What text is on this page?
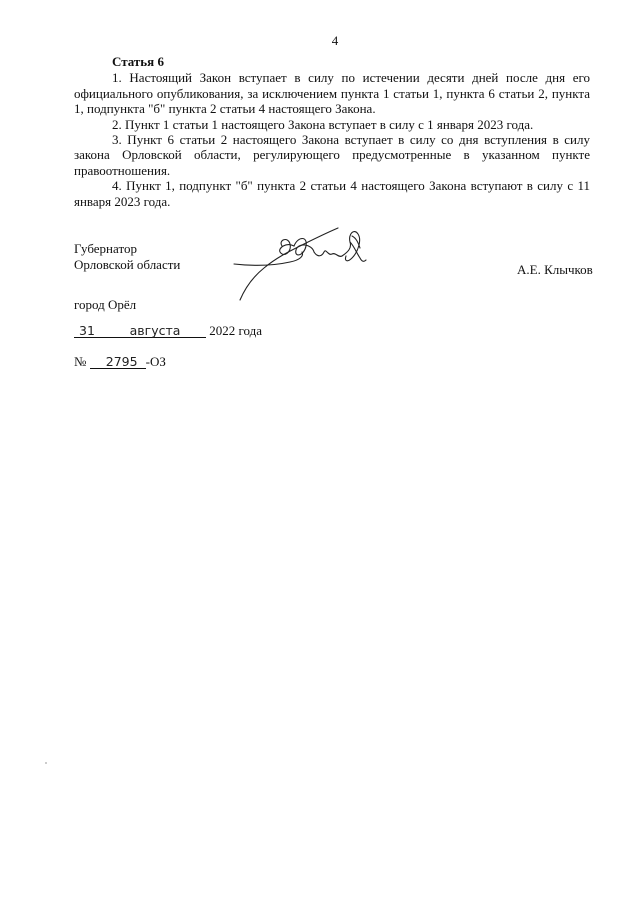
4
Статья 6

1. Настоящий Закон вступает в силу по истечении десяти дней после дня его официального опубликования, за исключением пункта 1 статьи 1, пункта 6 статьи 2, пункта 1, подпункта "б" пункта 2 статьи 4 настоящего Закона.

2. Пункт 1 статьи 1 настоящего Закона вступает в силу с 1 января 2023 года.

3. Пункт 6 статьи 2 настоящего Закона вступает в силу со дня вступления в силу закона Орловской области, регулирующего предусмотренные в указанном пункте правоотношения.

4. Пункт 1, подпункт "б" пункта 2 статьи 4 настоящего Закона вступают в силу с 11 января 2023 года.

Губернатор
Орловской области	А.Е. Клычков
город Орёл
31	августа 2022 года
№ 2795 -ОЗ
